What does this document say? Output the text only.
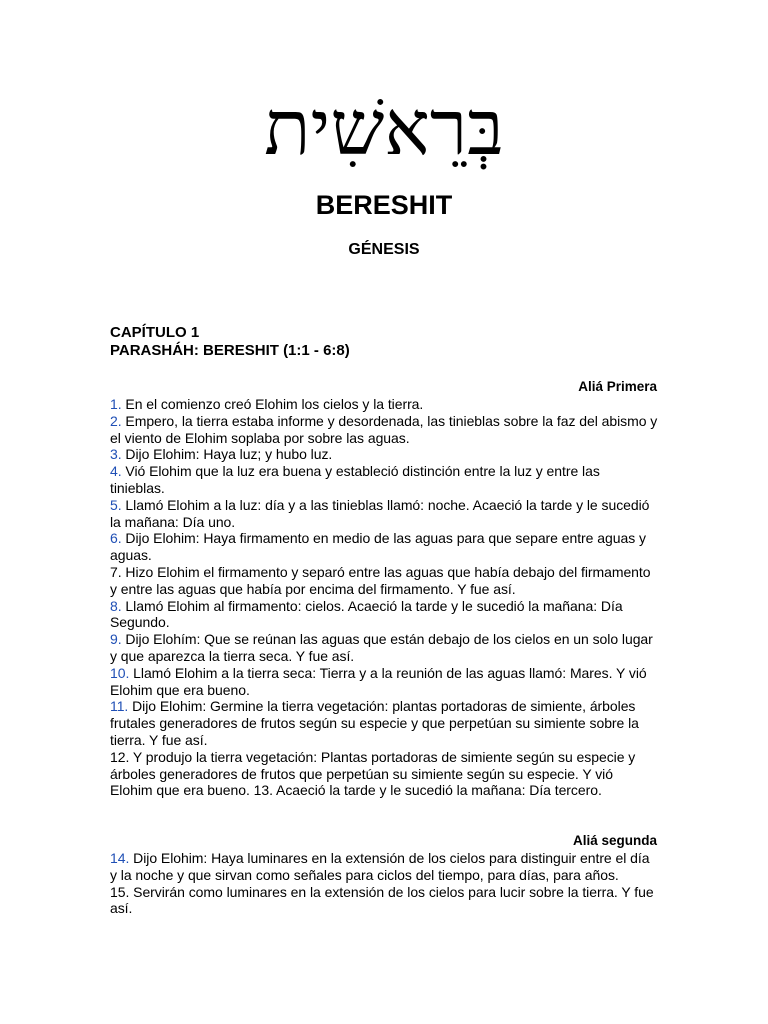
בְּרֵאשִׁית
BERESHIT
GÉNESIS
CAPÍTULO 1
PARASHÁH: BERESHIT (1:1 - 6:8)
Aliá Primera

1. En el comienzo creó Elohim los cielos y la tierra.

2. Empero, la tierra estaba informe y desordenada, las tinieblas sobre la faz del abismo y el viento de Elohim soplaba por sobre las aguas.

3. Dijo Elohim: Haya luz; y hubo luz.

4. Vió Elohim que la luz era buena y estableció distinción entre la luz y entre las tinieblas.

5. Llamó Elohim a la luz: día y a las tinieblas llamó: noche. Acaeció la tarde y le sucedió la mañana: Día uno.

6. Dijo Elohim: Haya firmamento en medio de las aguas para que separe entre aguas y aguas.

7. Hizo Elohim el firmamento y separó entre las aguas que había debajo del firmamento y entre las aguas que había por encima del firmamento. Y fue así.

8. Llamó Elohim al firmamento: cielos. Acaeció la tarde y le sucedió la mañana: Día Segundo.

9. Dijo Elohím: Que se reúnan las aguas que están debajo de los cielos en un solo lugar y que aparezca la tierra seca. Y fue así.

10. Llamó Elohim a la tierra seca: Tierra y a la reunión de las aguas llamó: Mares. Y vió Elohim que era bueno.

11. Dijo Elohim: Germine la tierra vegetación: plantas portadoras de simiente, árboles frutales generadores de frutos según su especie y que perpetúan su simiente sobre la tierra. Y fue así.

12. Y produjo la tierra vegetación: Plantas portadoras de simiente según su especie y árboles generadores de frutos que perpetúan su simiente según su especie. Y vió Elohim que era bueno. 13. Acaeció la tarde y le sucedió la mañana: Día tercero.

Aliá segunda

14. Dijo Elohim: Haya luminares en la extensión de los cielos para distinguir entre el día y la noche y que sirvan como señales para ciclos del tiempo, para días, para años.

15. Servirán como luminares en la extensión de los cielos para lucir sobre la tierra. Y fue así.
